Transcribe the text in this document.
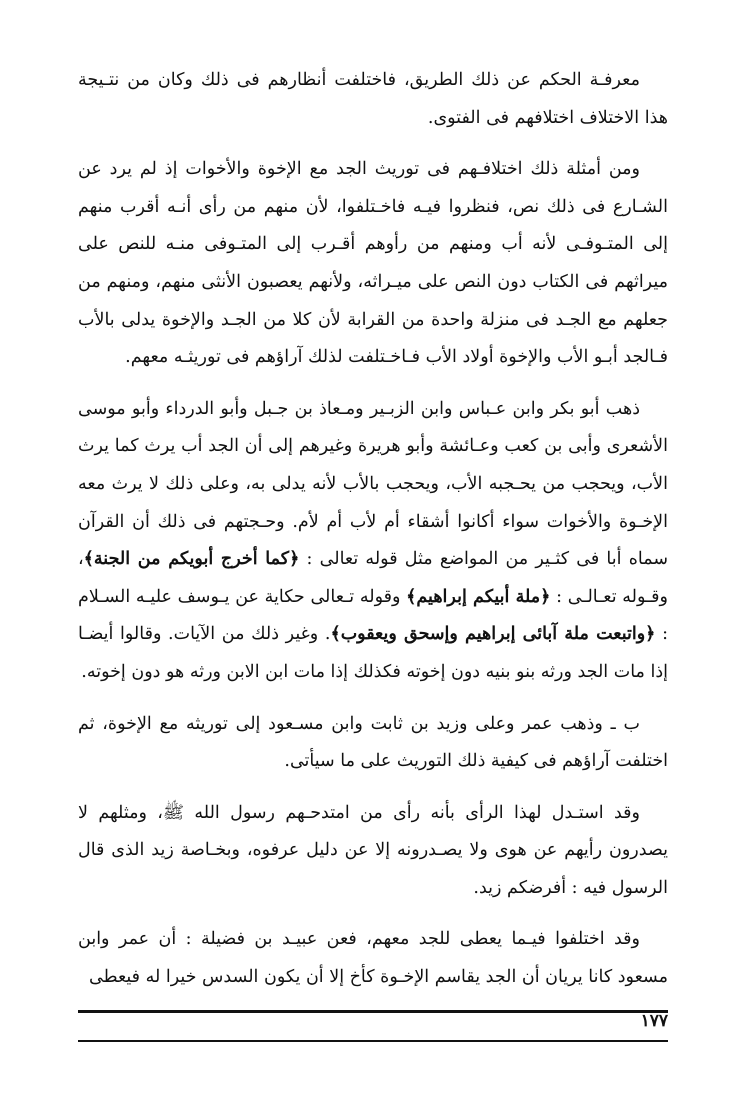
معرفـة الحكم عن ذلك الطريق، فاختلفت أنظارهم فى ذلك وكان من نتـيجة هذا الاختلاف اختلافهم فى الفتوى.

ومن أمثلة ذلك اختلافـهم فى توريث الجد مع الإخوة والأخوات إذ لم يرد عن الشـارع فى ذلك نص، فنظروا فيـه فاخـتلفوا، لأن منهم من رأى أنـه أقرب منهم إلى المتـوفـى لأنه أب ومنهم من رأوهم أقـرب إلى المتـوفى منـه للنص على ميراثهم فى الكتاب دون النص على ميـراثه، ولأنهم يعصبون الأنثى منهم، ومنهم من جعلهم مع الجـد فى منزلة واحدة من القرابة لأن كلا من الجـد والإخوة يدلى بالأب فـالجد أبـو الأب والإخوة أولاد الأب فـاخـتلفت لذلك آراؤهم فى توريثـه معهم.

ذهب أبو بكر وابن عـباس وابن الزبـير ومـعاذ بن جـبل وأبو الدرداء وأبو موسى الأشعرى وأبى بن كعب وعـائشة وأبو هريرة وغيرهم إلى أن الجد أب يرث كما يرث الأب، ويحجب من يحـجبه الأب، ويحجب بالأب لأنه يدلى به، وعلى ذلك لا يرث معه الإخـوة والأخوات سواء أكانوا أشقاء أم لأب أم لأم. وحـجتهم فى ذلك أن القرآن سماه أبا فى كثـير من المواضع مثل قوله تعالى : ﴿كما أخرج أبويكم من الجنة﴾، وقـوله تعـالـى : ﴿ملة أبيكم إبراهيم﴾ وقوله تـعالى حكاية عن يـوسف عليـه السـلام : ﴿واتبعت ملة آبائى إبراهيم وإسحق ويعقوب﴾. وغير ذلك من الآيات. وقالوا أيضـا إذا مات الجد ورثه بنو بنيه دون إخوته فكذلك إذا مات ابن الابن ورثه هو دون إخوته.

ب ـ وذهب عمر وعلى وزيد بن ثابت وابن مسـعود إلى توريثه مع الإخوة، ثم اختلفت آراؤهم فى كيفية ذلك التوريث على ما سيأتى.

وقد استـدل لهذا الرأى بأنه رأى من امتدحـهم رسول الله ﷺ، ومثلهم لا يصدرون رأيهم عن هوى ولا يصـدرونه إلا عن دليل عرفوه، وبخـاصة زيد الذى قال الرسول فيه : أفرضكم زيد.

وقد اختلفوا فيـما يعطى للجد معهم، فعن عبيـد بن فضيلة : أن عمر وابن مسعود كانا يريان أن الجد يقاسم الإخـوة كأخ إلا أن يكون السدس خيرا له فيعطى

١٧٧
